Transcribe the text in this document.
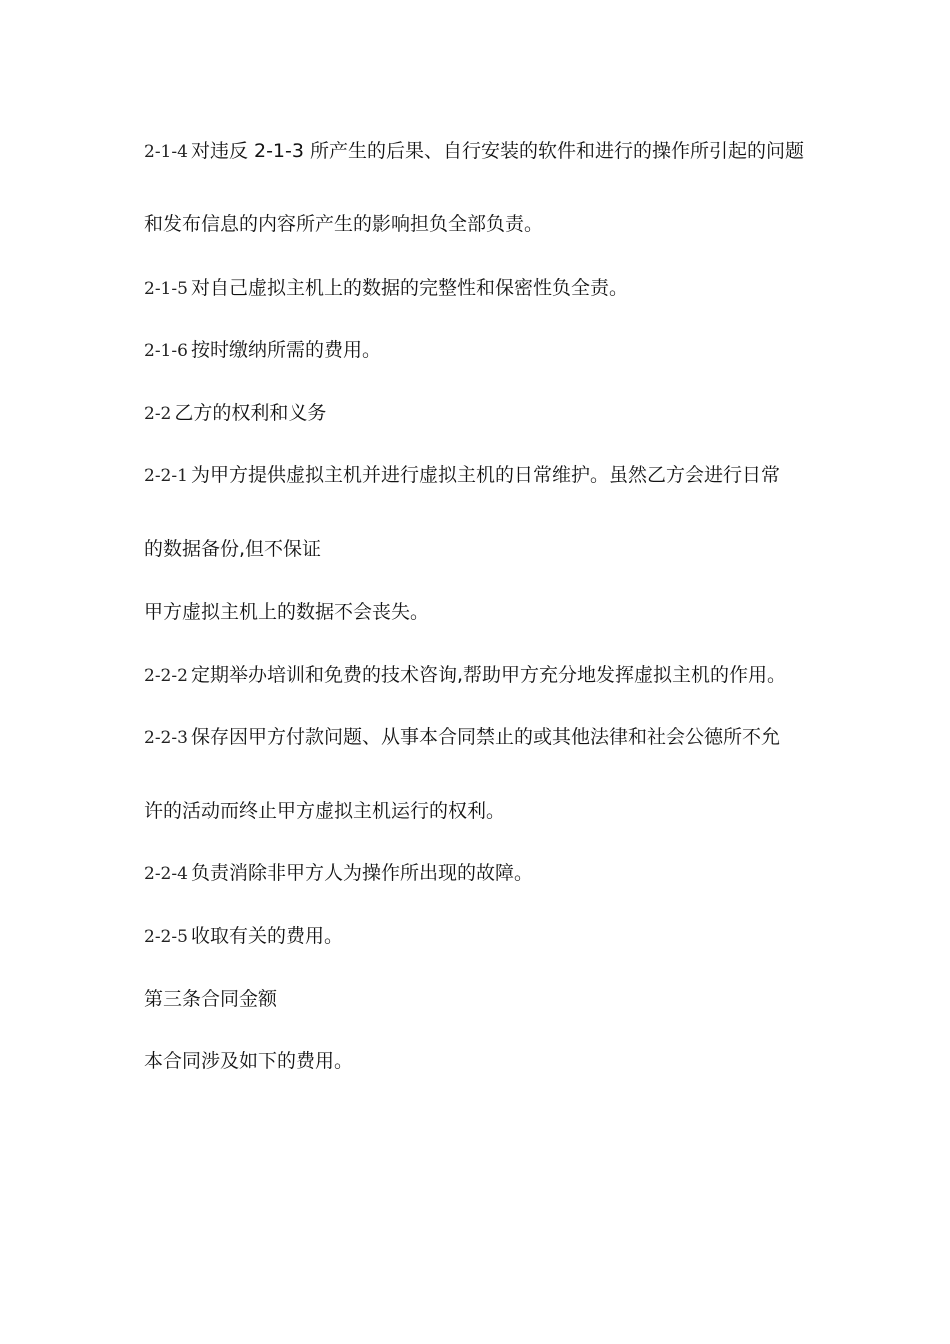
2-1-4 对违反 2-1-3 所产生的后果、自行安装的软件和进行的操作所引起的问题
和发布信息的内容所产生的影响担负全部负责。
2-1-5 对自己虚拟主机上的数据的完整性和保密性负全责。
2-1-6 按时缴纳所需的费用。
2-2 乙方的权利和义务
2-2-1 为甲方提供虚拟主机并进行虚拟主机的日常维护。虽然乙方会进行日常
的数据备份,但不保证
甲方虚拟主机上的数据不会丧失。
2-2-2 定期举办培训和免费的技术咨询,帮助甲方充分地发挥虚拟主机的作用。
2-2-3 保存因甲方付款问题、从事本合同禁止的或其他法律和社会公德所不允
许的活动而终止甲方虚拟主机运行的权利。
2-2-4 负责消除非甲方人为操作所出现的故障。
2-2-5 收取有关的费用。
第三条合同金额
本合同涉及如下的费用。
